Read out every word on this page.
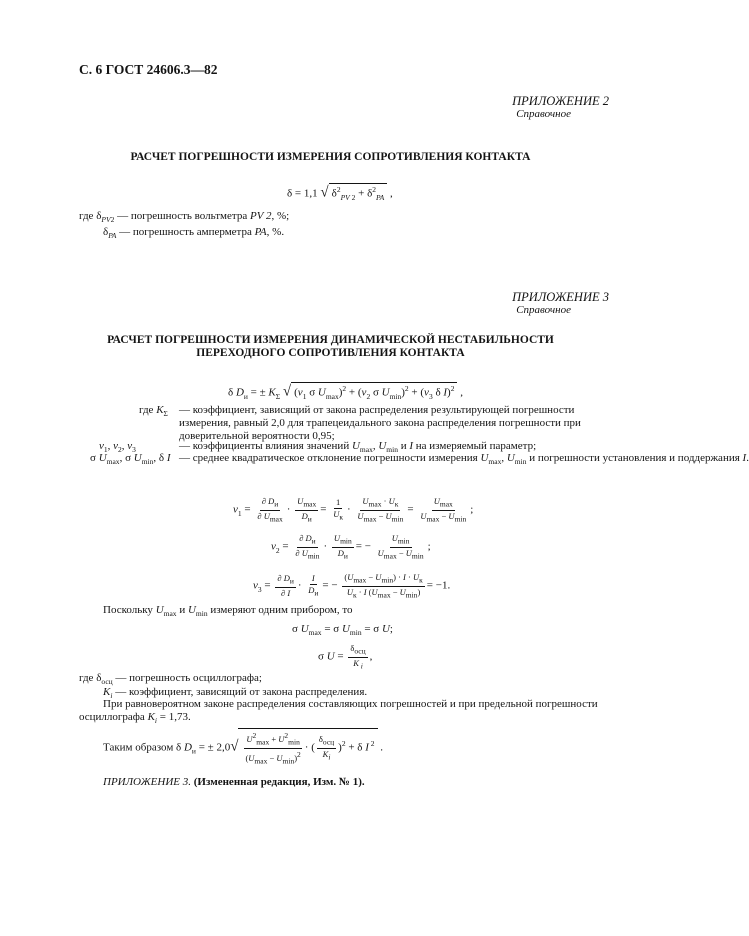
С. 6 ГОСТ 24606.3—82
ПРИЛОЖЕНИЕ 2
Справочное
РАСЧЕТ ПОГРЕШНОСТИ ИЗМЕРЕНИЯ СОПРОТИВЛЕНИЯ КОНТАКТА
δ = 1,1 √ $\delta^2_{PV 2} + \delta^2_{PA}$ ,
где $\delta_{PV2}$ — погрешность вольтметра PV 2, %;
$\delta_{PA}$ — погрешность амперметра PA, %.
ПРИЛОЖЕНИЕ 3
Справочное
РАСЧЕТ ПОГРЕШНОСТИ ИЗМЕРЕНИЯ ДИНАМИЧЕСКОЙ НЕСТАБИЛЬНОСТИ
ПЕРЕХОДНОГО СОПРОТИВЛЕНИЯ КОНТАКТА
δ $D_и$ = ± $K_\Sigma$ √ ($v_1$ σ $U_{max})^2 + (v_2$ σ $U_{min})^2 + (v_3$ δ I)$^2$ ,
где $K_\Sigma$ — коэффициент, зависящий от закона распределения результирующей погрешности измерения, равный 2,0 для трапецеидального закона распределения погрешности при доверительной вероятности 0,95;
$v_1$, $v_2$, $v_3$	— коэффициенты влияния значений $U_{max}$, $U_{min}$ и I на измеряемый параметр;
σ $U_{max}$, σ $U_{min}$, δ I — среднее квадратическое отклонение погрешности измерения $U_{max}$, $U_{min}$ и погрешности установления и поддержания I.
$v_1 = \frac{\partial D_и}{\partial U_{max}} \cdot \frac{U_{max}}{D_и} = \frac{1}{U_к} \cdot \frac{U_{max} \cdot U_к}{U_{max} - U_{min}} = \frac{U_{max}}{U_{max} - U_{min}}$ ;
$v_2 = \frac{\partial D_и}{\partial U_{min}} \cdot \frac{U_{min}}{D_и}$ = − $\frac{U_{min}}{U_{max} - U_{min}}$ ;
$v_3 = \frac{\partial D_и}{\partial I} \cdot \frac{I}{D_и}$ = − $\frac{(U_{max} - U_{min}) \cdot I \cdot U_к}{U_к \cdot I (U_{max} - U_{min})} = -1$.
Поскольку $U_{max}$ и $U_{min}$ измеряют одним прибором, то
σ $U_{max} = \sigma$ $U_{min} = \sigma$ U;
σ $U = \frac{\delta_{осц}}{K _i}$ ,
где $\delta_{осц}$ — погрешность осциллографа;
$K_i$ — коэффициент, зависящий от закона распределения.
При равновероятном законе распределения составляющих погрешностей и при предельной погрешности осциллографа $K_i = 1,73$.
Таким образом δ $D_и$ = ± $2,0√ \frac{U^2_{max} + U^2_{min}}{(U_{max} - U_{min})^2}$ · ( $\frac{\delta_{осц}}{K_i} )^2 + \delta$ I $^2$ .
ПРИЛОЖЕНИЕ 3. (Измененная редакция, Изм. № 1).
